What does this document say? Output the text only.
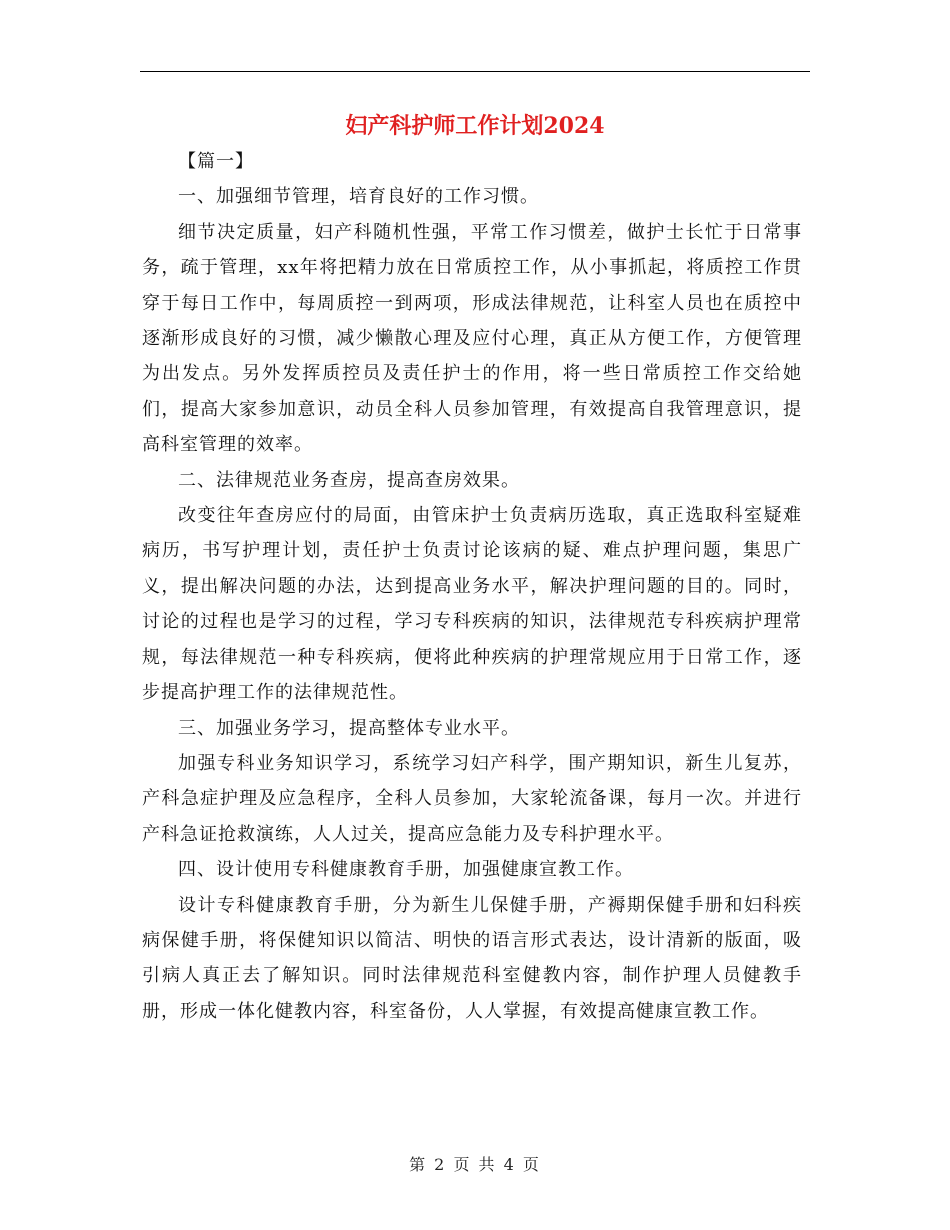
妇产科护师工作计划2024

【篇一】

一、加强细节管理，培育良好的工作习惯。

细节决定质量，妇产科随机性强，平常工作习惯差，做护士长忙于日常事务，疏于管理，xx年将把精力放在日常质控工作，从小事抓起，将质控工作贯穿于每日工作中，每周质控一到两项，形成法律规范，让科室人员也在质控中逐渐形成良好的习惯，减少懒散心理及应付心理，真正从方便工作，方便管理为出发点。另外发挥质控员及责任护士的作用，将一些日常质控工作交给她们，提高大家参加意识，动员全科人员参加管理，有效提高自我管理意识，提高科室管理的效率。

二、法律规范业务查房，提高查房效果。

改变往年查房应付的局面，由管床护士负责病历选取，真正选取科室疑难病历，书写护理计划，责任护士负责讨论该病的疑、难点护理问题，集思广义，提出解决问题的办法，达到提高业务水平，解决护理问题的目的。同时，讨论的过程也是学习的过程，学习专科疾病的知识，法律规范专科疾病护理常规，每法律规范一种专科疾病，便将此种疾病的护理常规应用于日常工作，逐步提高护理工作的法律规范性。

三、加强业务学习，提高整体专业水平。

加强专科业务知识学习，系统学习妇产科学，围产期知识，新生儿复苏，产科急症护理及应急程序，全科人员参加，大家轮流备课，每月一次。并进行产科急证抢救演练，人人过关，提高应急能力及专科护理水平。

四、设计使用专科健康教育手册，加强健康宣教工作。

设计专科健康教育手册，分为新生儿保健手册，产褥期保健手册和妇科疾病保健手册，将保健知识以简洁、明快的语言形式表达，设计清新的版面，吸引病人真正去了解知识。同时法律规范科室健教内容，制作护理人员健教手册，形成一体化健教内容，科室备份，人人掌握，有效提高健康宣教工作。

第 2 页 共 4 页
